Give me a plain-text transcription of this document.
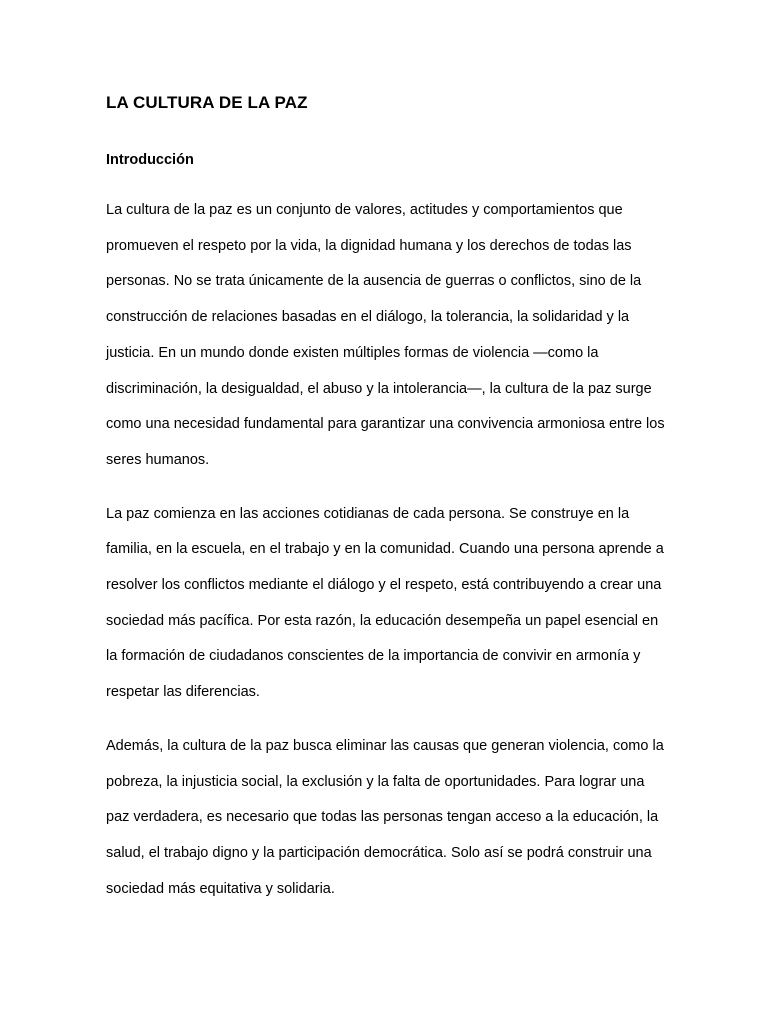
LA CULTURA DE LA PAZ
Introducción

La cultura de la paz es un conjunto de valores, actitudes y comportamientos que promueven el respeto por la vida, la dignidad humana y los derechos de todas las personas. No se trata únicamente de la ausencia de guerras o conflictos, sino de la construcción de relaciones basadas en el diálogo, la tolerancia, la solidaridad y la justicia. En un mundo donde existen múltiples formas de violencia —como la discriminación, la desigualdad, el abuso y la intolerancia—, la cultura de la paz surge como una necesidad fundamental para garantizar una convivencia armoniosa entre los seres humanos.

La paz comienza en las acciones cotidianas de cada persona. Se construye en la familia, en la escuela, en el trabajo y en la comunidad. Cuando una persona aprende a resolver los conflictos mediante el diálogo y el respeto, está contribuyendo a crear una sociedad más pacífica. Por esta razón, la educación desempeña un papel esencial en la formación de ciudadanos conscientes de la importancia de convivir en armonía y respetar las diferencias.

Además, la cultura de la paz busca eliminar las causas que generan violencia, como la pobreza, la injusticia social, la exclusión y la falta de oportunidades. Para lograr una paz verdadera, es necesario que todas las personas tengan acceso a la educación, la salud, el trabajo digno y la participación democrática. Solo así se podrá construir una sociedad más equitativa y solidaria.
